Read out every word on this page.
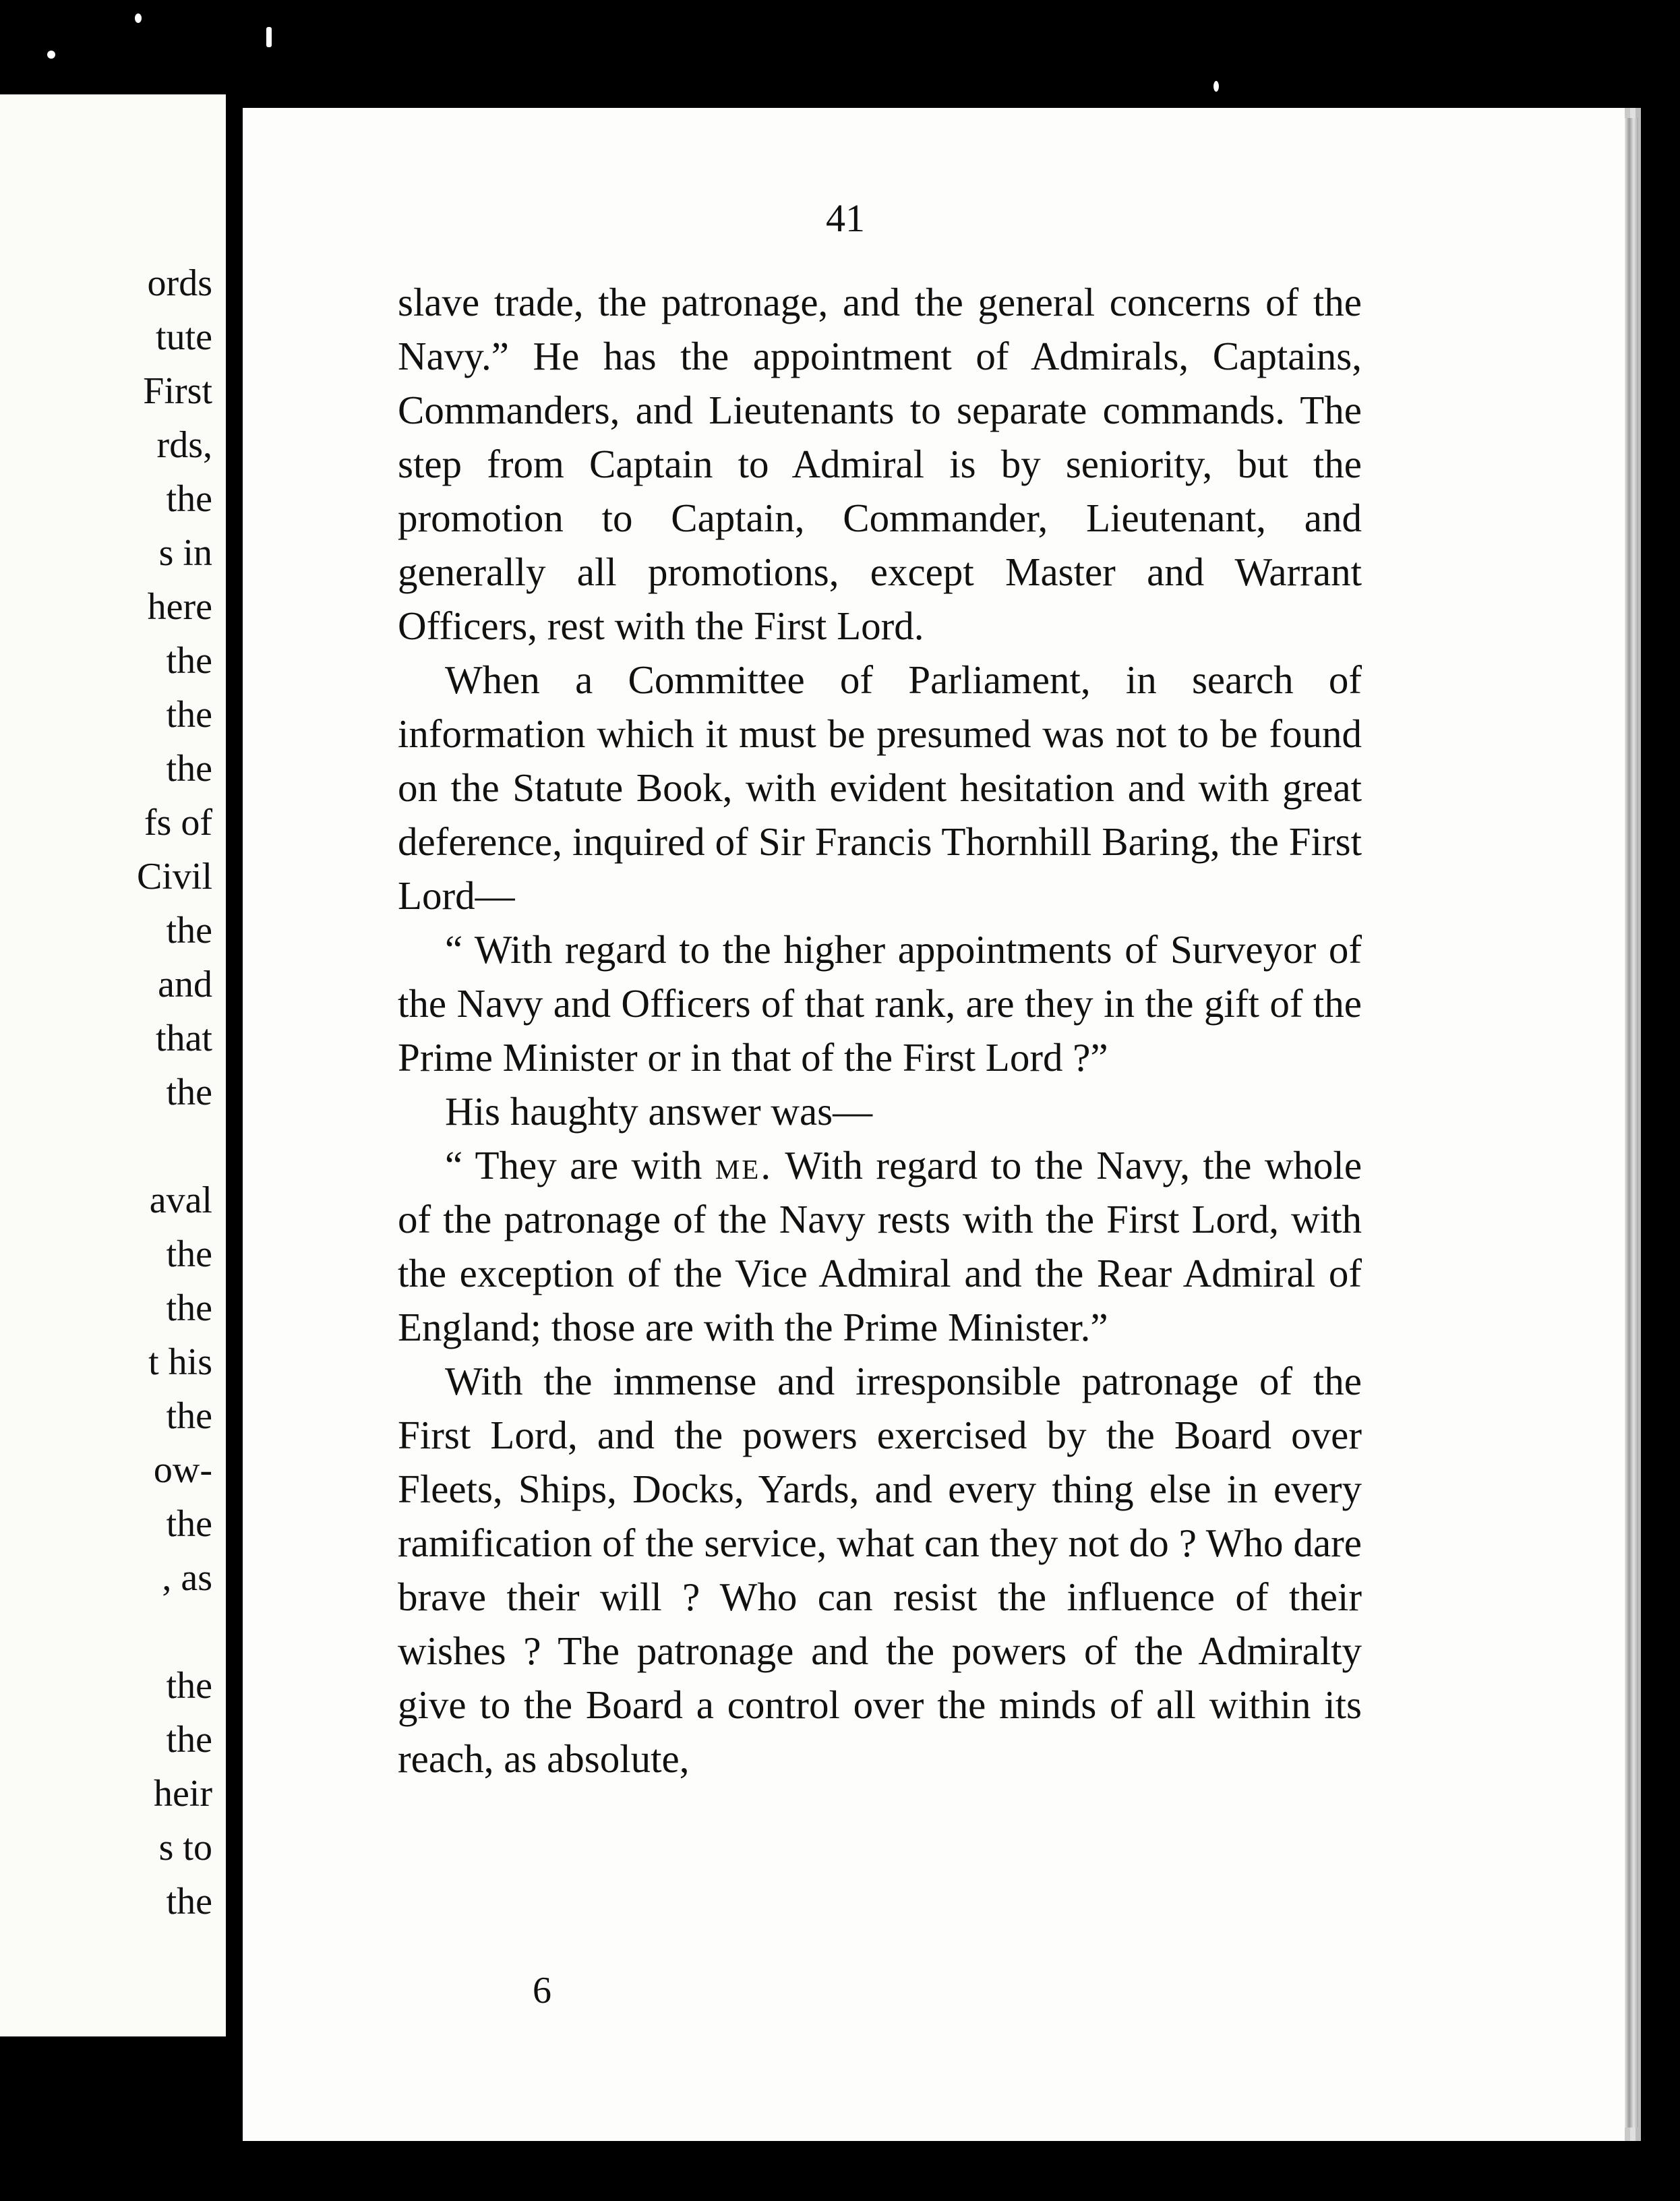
ords
tute
First
rds,
the
s in
here
the
the
the
fs of
Civil
the
and
that
the
aval
the
the
t his
the
ow-
the
, as
the
the
heir
s to
the
41

slave trade, the patronage, and the general concerns of the Navy.” He has the appointment of Admirals, Captains, Commanders, and Lieutenants to separate commands. The step from Captain to Admiral is by seniority, but the promotion to Captain, Commander, Lieutenant, and generally all promotions, except Master and Warrant Officers, rest with the First Lord.

When a Committee of Parliament, in search of information which it must be presumed was not to be found on the Statute Book, with evident hesitation and with great deference, inquired of Sir Francis Thornhill Baring, the First Lord—

“ With regard to the higher appointments of Surveyor of the Navy and Officers of that rank, are they in the gift of the Prime Minister or in that of the First Lord ?”

His haughty answer was—

“ They are with me. With regard to the Navy, the whole of the patronage of the Navy rests with the First Lord, with the exception of the Vice Admiral and the Rear Admiral of England; those are with the Prime Minister.”

With the immense and irresponsible patronage of the First Lord, and the powers exercised by the Board over Fleets, Ships, Docks, Yards, and every thing else in every ramification of the service, what can they not do ? Who dare brave their will ? Who can resist the influence of their wishes ? The patronage and the powers of the Admiralty give to the Board a control over the minds of all within its reach, as absolute,

6
